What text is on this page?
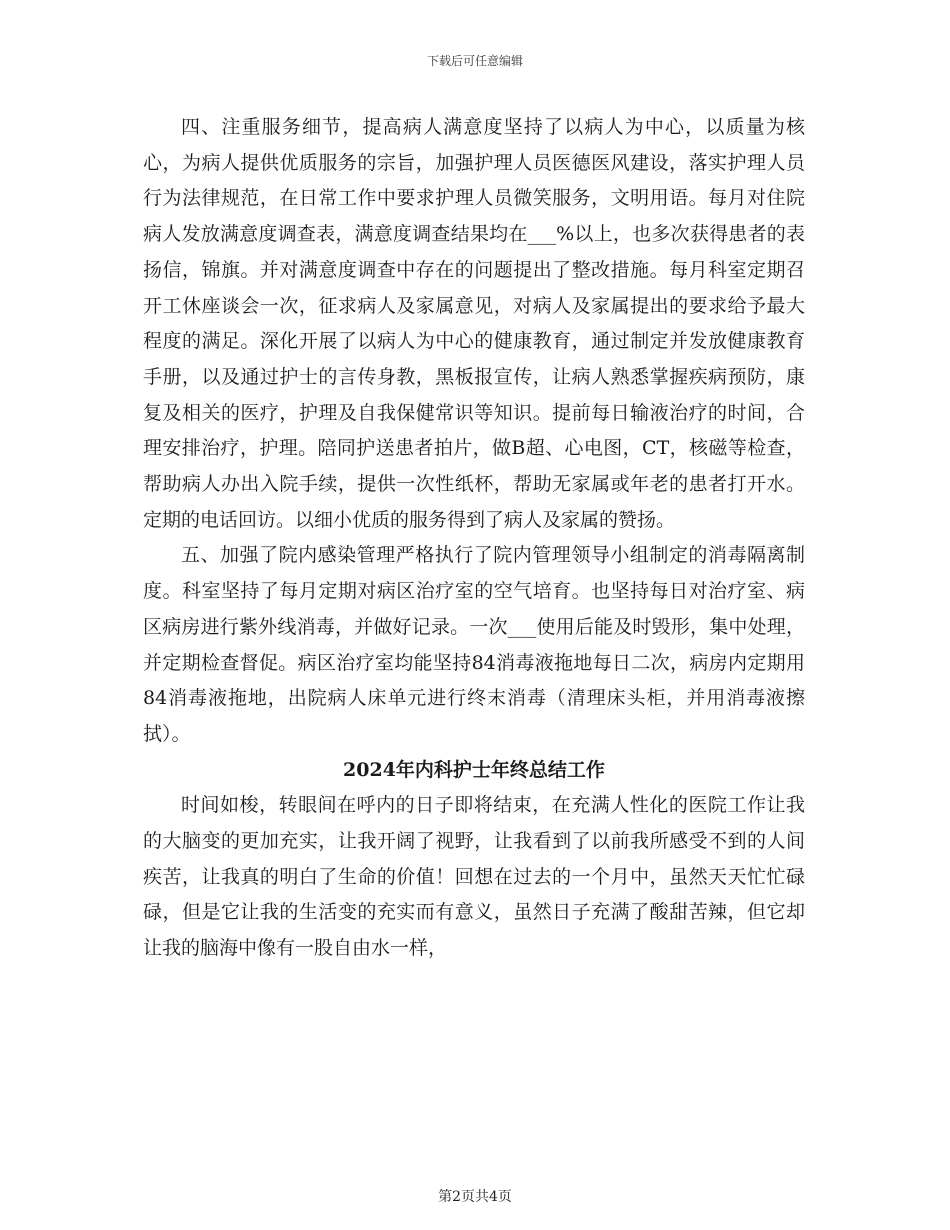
下载后可任意编辑

四、注重服务细节，提高病人满意度坚持了以病人为中心，以质量为核心，为病人提供优质服务的宗旨，加强护理人员医德医风建设，落实护理人员行为法律规范，在日常工作中要求护理人员微笑服务，文明用语。每月对住院病人发放满意度调查表，满意度调查结果均在___%以上，也多次获得患者的表扬信，锦旗。并对满意度调查中存在的问题提出了整改措施。每月科室定期召开工休座谈会一次，征求病人及家属意见，对病人及家属提出的要求给予最大程度的满足。深化开展了以病人为中心的健康教育，通过制定并发放健康教育手册，以及通过护士的言传身教，黑板报宣传，让病人熟悉掌握疾病预防，康复及相关的医疗，护理及自我保健常识等知识。提前每日输液治疗的时间，合理安排治疗，护理。陪同护送患者拍片，做B超、心电图，CT，核磁等检查，帮助病人办出入院手续，提供一次性纸杯，帮助无家属或年老的患者打开水。定期的电话回访。以细小优质的服务得到了病人及家属的赞扬。

五、加强了院内感染管理严格执行了院内管理领导小组制定的消毒隔离制度。科室坚持了每月定期对病区治疗室的空气培育。也坚持每日对治疗室、病区病房进行紫外线消毒，并做好记录。一次___使用后能及时毁形，集中处理，并定期检查督促。病区治疗室均能坚持84消毒液拖地每日二次，病房内定期用84消毒液拖地，出院病人床单元进行终末消毒（清理床头柜，并用消毒液擦拭）。

2024年内科护士年终总结工作

时间如梭，转眼间在呼内的日子即将结束，在充满人性化的医院工作让我的大脑变的更加充实，让我开阔了视野，让我看到了以前我所感受不到的人间疾苦，让我真的明白了生命的价值！回想在过去的一个月中，虽然天天忙忙碌碌，但是它让我的生活变的充实而有意义，虽然日子充满了酸甜苦辣，但它却让我的脑海中像有一股自由水一样，

第2页共4页
